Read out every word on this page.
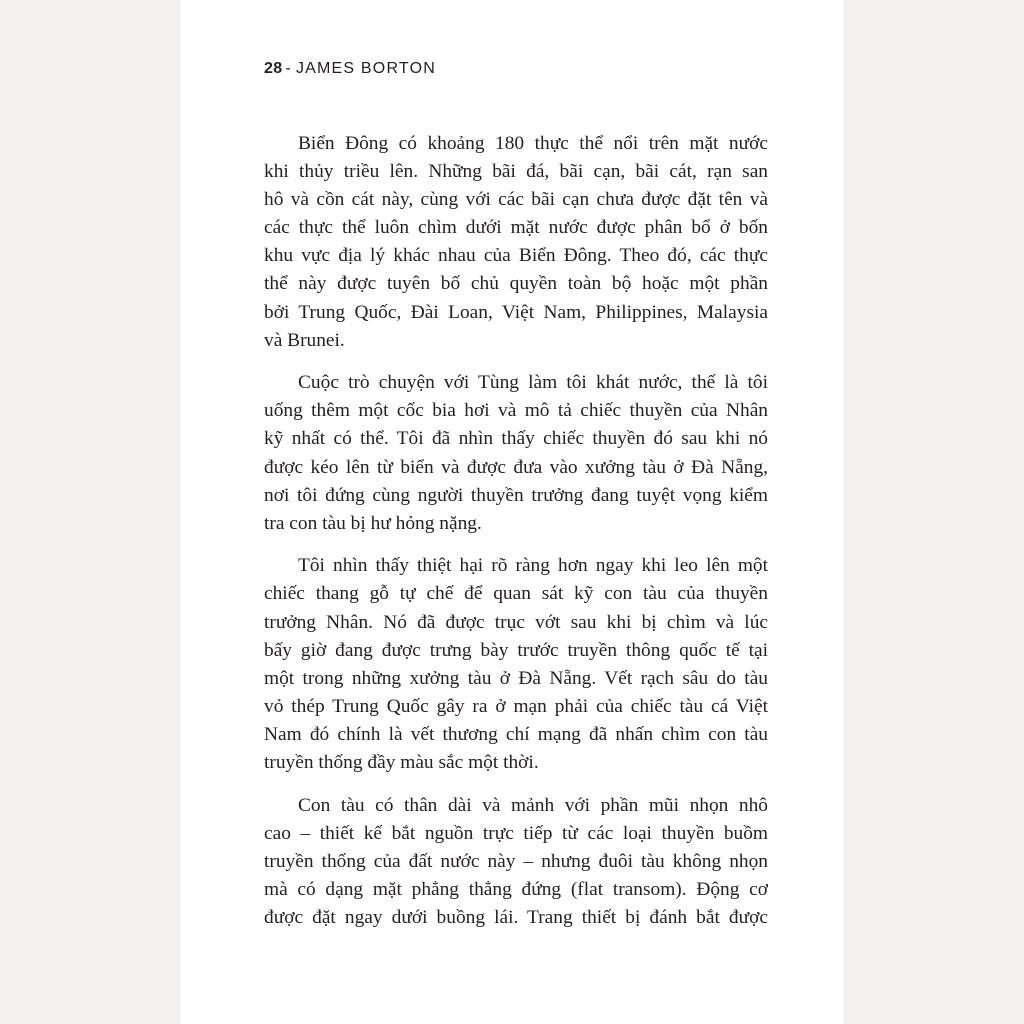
28 - JAMES BORTON
Biển Đông có khoảng 180 thực thể nổi trên mặt nước
khi thủy triều lên. Những bãi đá, bãi cạn, bãi cát, rạn san
hô và cồn cát này, cùng với các bãi cạn chưa được đặt tên và
các thực thể luôn chìm dưới mặt nước được phân bổ ở bốn
khu vực địa lý khác nhau của Biển Đông. Theo đó, các thực
thể này được tuyên bố chủ quyền toàn bộ hoặc một phần
bởi Trung Quốc, Đài Loan, Việt Nam, Philippines, Malaysia
và Brunei.
Cuộc trò chuyện với Tùng làm tôi khát nước, thế là tôi
uống thêm một cốc bia hơi và mô tả chiếc thuyền của Nhân
kỹ nhất có thể. Tôi đã nhìn thấy chiếc thuyền đó sau khi nó
được kéo lên từ biển và được đưa vào xưởng tàu ở Đà Nẵng,
nơi tôi đứng cùng người thuyền trưởng đang tuyệt vọng kiểm
tra con tàu bị hư hỏng nặng.
Tôi nhìn thấy thiệt hại rõ ràng hơn ngay khi leo lên một
chiếc thang gỗ tự chế để quan sát kỹ con tàu của thuyền
trưởng Nhân. Nó đã được trục vớt sau khi bị chìm và lúc
bấy giờ đang được trưng bày trước truyền thông quốc tế tại
một trong những xưởng tàu ở Đà Nẵng. Vết rạch sâu do tàu
vỏ thép Trung Quốc gây ra ở mạn phải của chiếc tàu cá Việt
Nam đó chính là vết thương chí mạng đã nhấn chìm con tàu
truyền thống đầy màu sắc một thời.
Con tàu có thân dài và mảnh với phần mũi nhọn nhô
cao – thiết kế bắt nguồn trực tiếp từ các loại thuyền buồm
truyền thống của đất nước này – nhưng đuôi tàu không nhọn
mà có dạng mặt phẳng thẳng đứng (flat transom). Động cơ
được đặt ngay dưới buồng lái. Trang thiết bị đánh bắt được
